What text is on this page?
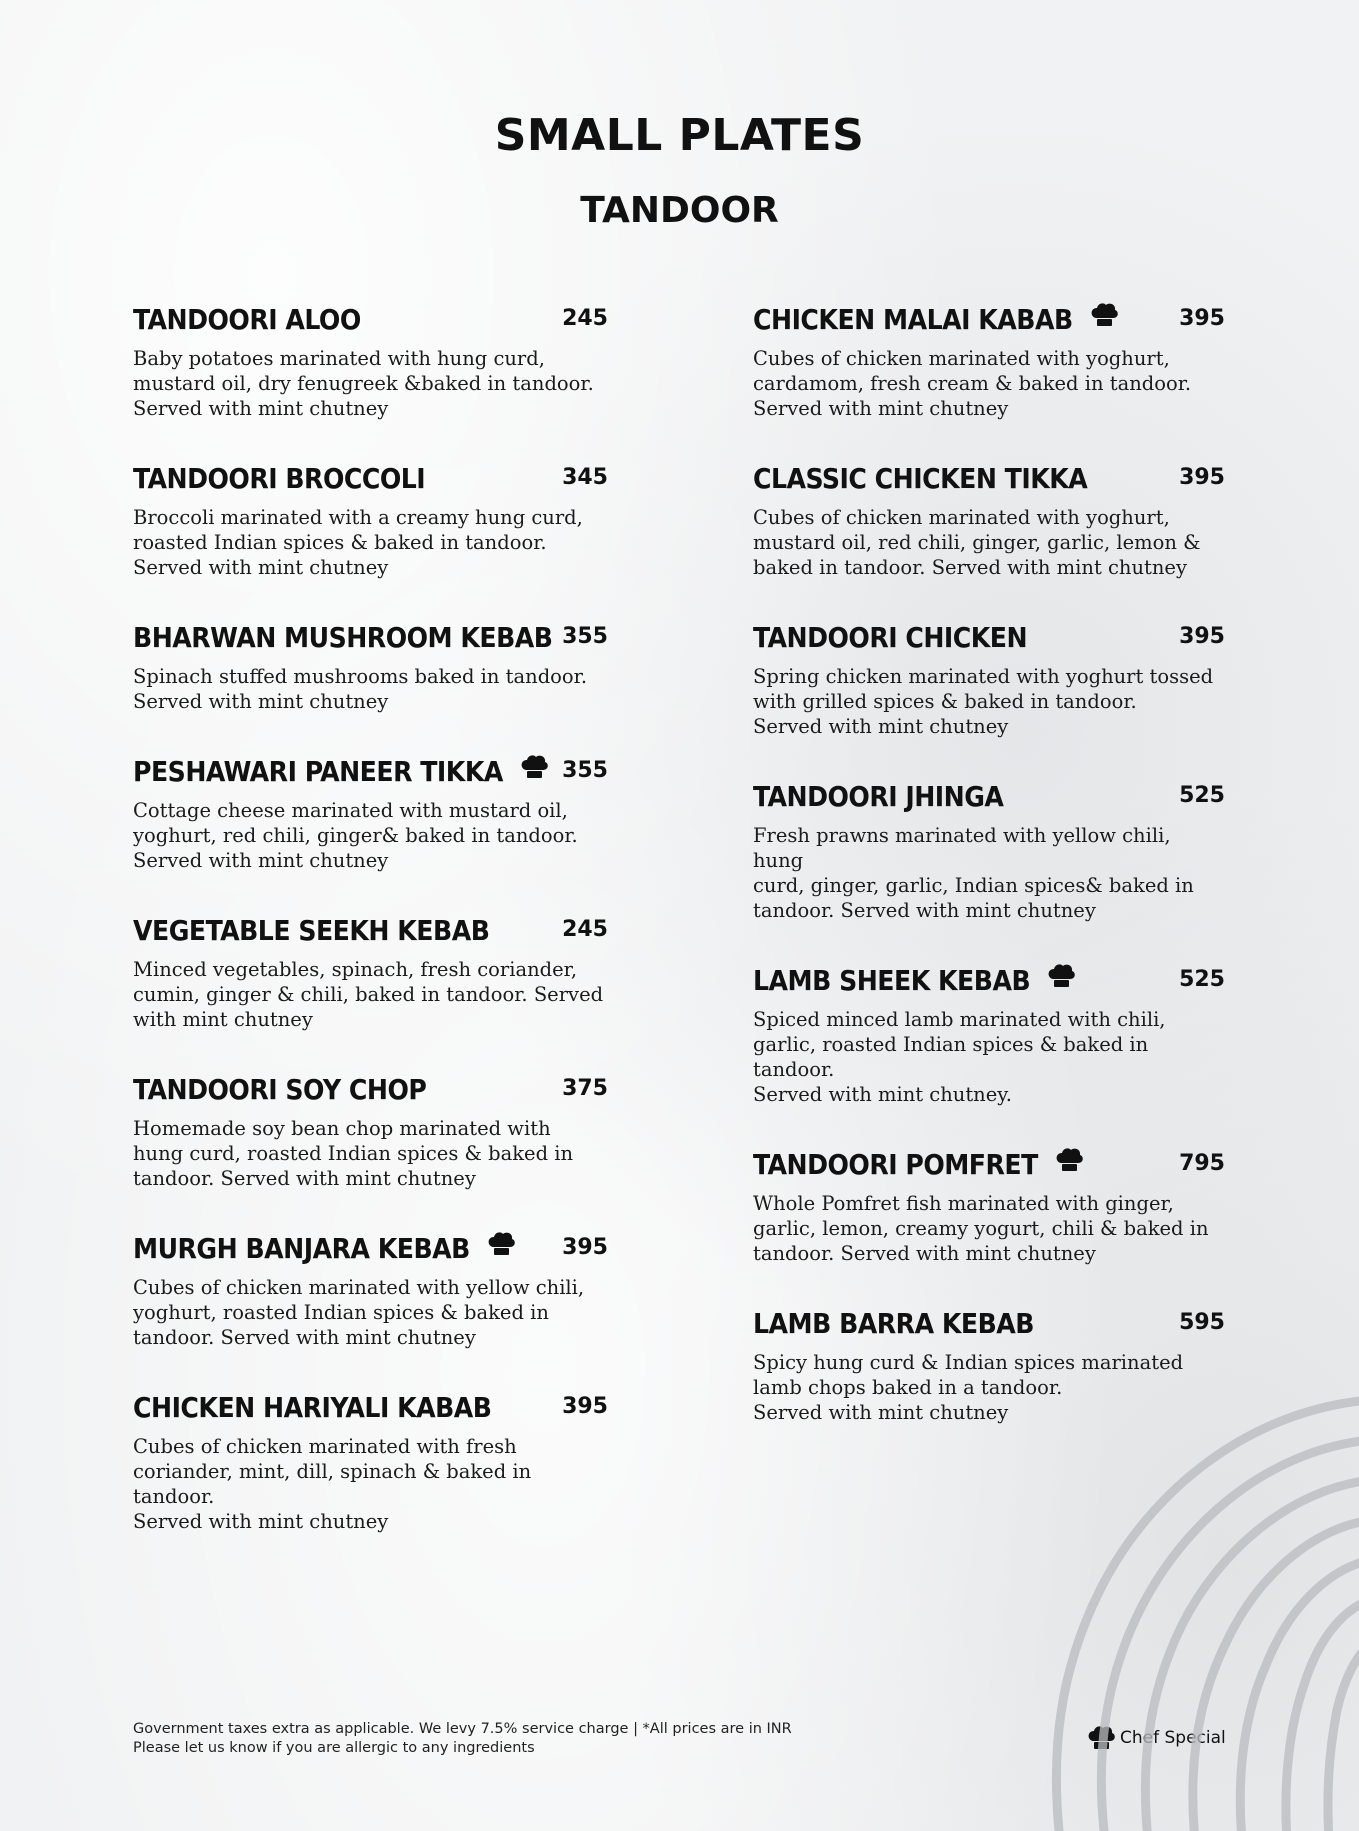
SMALL PLATES
TANDOOR
TANDOORI ALOO	245
Baby potatoes marinated with hung curd,
mustard oil, dry fenugreek &baked in tandoor.
Served with mint chutney
TANDOORI BROCCOLI	345
Broccoli marinated with a creamy hung curd,
roasted Indian spices & baked in tandoor.
Served with mint chutney
BHARWAN MUSHROOM KEBAB 355
Spinach stuffed mushrooms baked in tandoor.
Served with mint chutney
PESHAWARI PANEER TIKKA	355
Cottage cheese marinated with mustard oil,
yoghurt, red chili, ginger& baked in tandoor.
Served with mint chutney
VEGETABLE SEEKH KEBAB	245
Minced vegetables, spinach, fresh coriander,
cumin, ginger & chili, baked in tandoor. Served
with mint chutney
TANDOORI SOY CHOP	375
Homemade soy bean chop marinated with
hung curd, roasted Indian spices & baked in
tandoor. Served with mint chutney
MURGH BANJARA KEBAB	395
Cubes of chicken marinated with yellow chili,
yoghurt, roasted Indian spices & baked in
tandoor. Served with mint chutney
CHICKEN HARIYALI KABAB	395
Cubes of chicken marinated with fresh
coriander, mint, dill, spinach & baked in tandoor.
Served with mint chutney
CHICKEN MALAI KABAB	395
Cubes of chicken marinated with yoghurt,
cardamom, fresh cream & baked in tandoor.
Served with mint chutney
CLASSIC CHICKEN TIKKA	395
Cubes of chicken marinated with yoghurt,
mustard oil, red chili, ginger, garlic, lemon &
baked in tandoor. Served with mint chutney
TANDOORI CHICKEN	395
Spring chicken marinated with yoghurt tossed
with grilled spices & baked in tandoor.
Served with mint chutney
TANDOORI JHINGA	525
Fresh prawns marinated with yellow chili, hung
curd, ginger, garlic, Indian spices& baked in
tandoor. Served with mint chutney
LAMB SHEEK KEBAB	525
Spiced minced lamb marinated with chili,
garlic, roasted Indian spices & baked in tandoor.
Served with mint chutney.
TANDOORI POMFRET	795
Whole Pomfret fish marinated with ginger,
garlic, lemon, creamy yogurt, chili & baked in
tandoor. Served with mint chutney
LAMB BARRA KEBAB	595
Spicy hung curd & Indian spices marinated
lamb chops baked in a tandoor.
Served with mint chutney
Government taxes extra as applicable. We levy 7.5% service charge | *All prices are in INR
Please let us know if you are allergic to any ingredients	Chef Special
